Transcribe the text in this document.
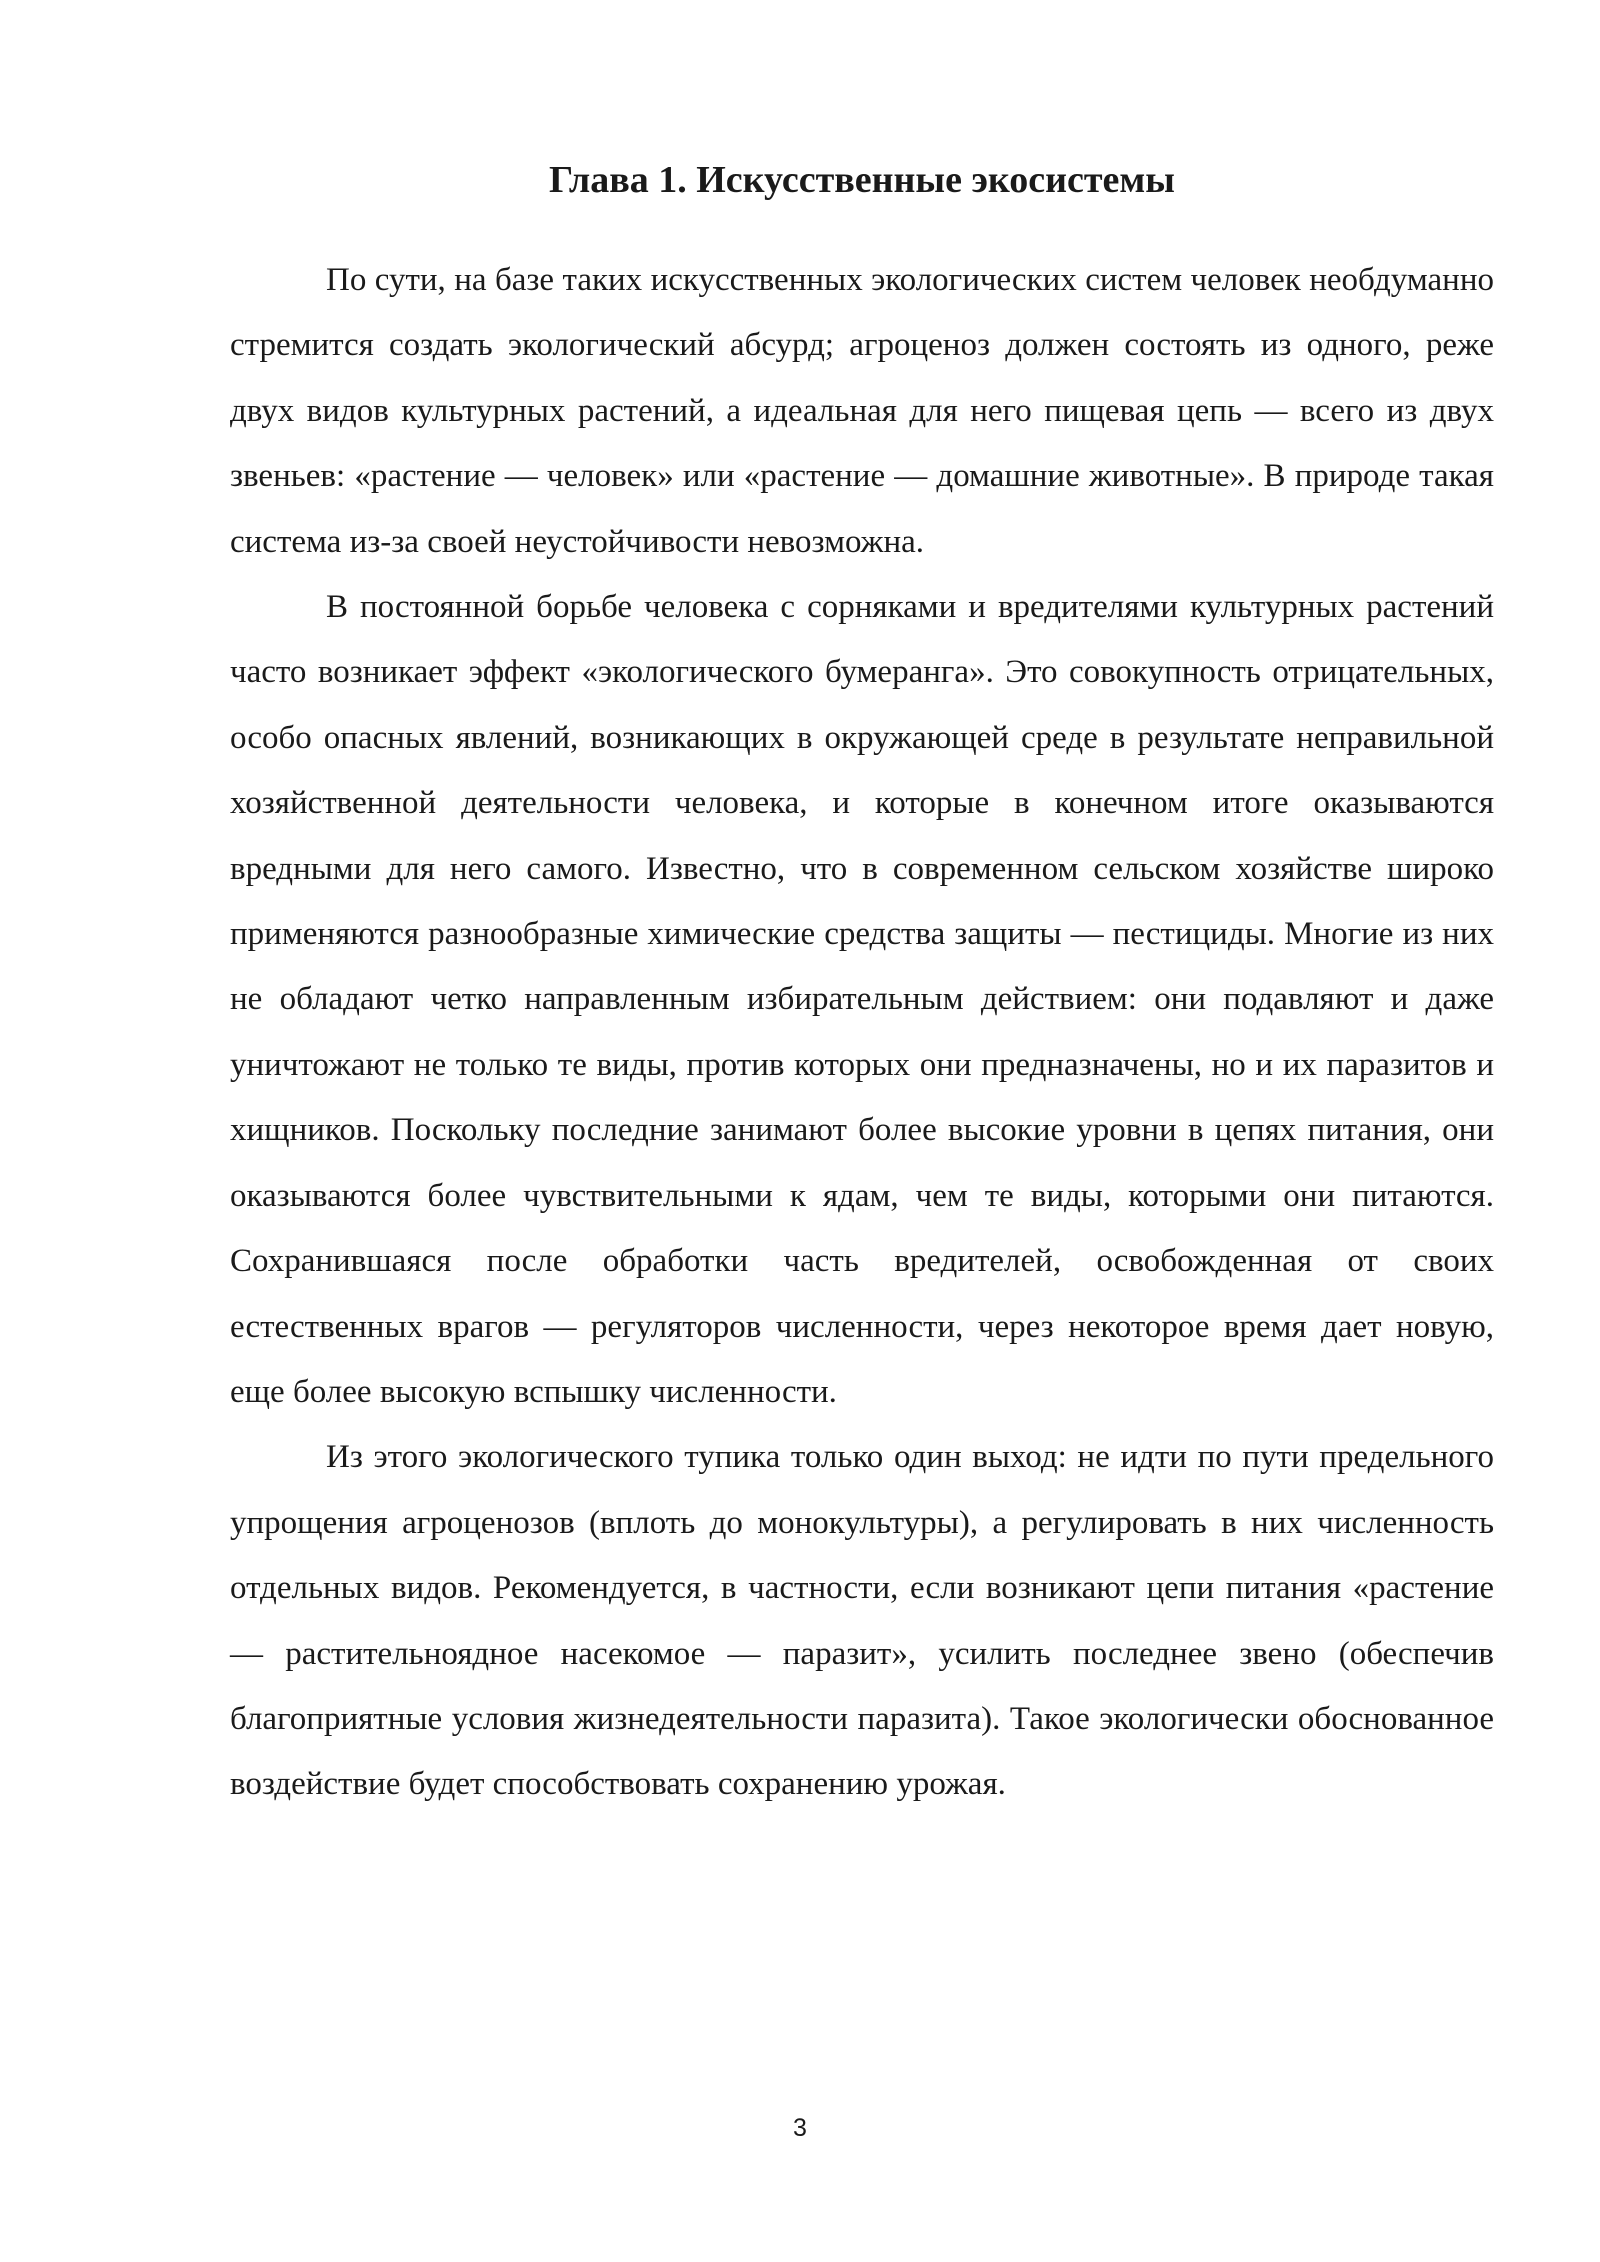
Глава 1. Искусственные экосистемы

По сути, на базе таких искусственных экологических систем человек необдуманно стремится создать экологический абсурд; агроценоз должен состоять из одного, реже двух видов культурных растений, а идеальная для него пищевая цепь — всего из двух звеньев: «растение — человек» или «растение — домашние животные». В природе такая система из-за своей неустойчивости невозможна.

В постоянной борьбе человека с сорняками и вредителями культурных растений часто возникает эффект «экологического бумеранга». Это совокупность отрицательных, особо опасных явлений, возникающих в окружающей среде в результате неправильной хозяйственной деятельности человека, и которые в конечном итоге оказываются вредными для него самого. Известно, что в современном сельском хозяйстве широко применяются разнообразные химические средства защиты — пестициды. Многие из них не обладают четко направленным избирательным действием: они подавляют и даже уничтожают не только те виды, против которых они предназначены, но и их паразитов и хищников. Поскольку последние занимают более высокие уровни в цепях питания, они оказываются более чувствительными к ядам, чем те виды, которыми они питаются. Сохранившаяся после обработки часть вредителей, освобожденная от своих естественных врагов — регуляторов численности, через некоторое время дает новую, еще более высокую вспышку численности.

Из этого экологического тупика только один выход: не идти по пути предельного упрощения агроценозов (вплоть до монокультуры), а регулировать в них численность отдельных видов. Рекомендуется, в частности, если возникают цепи питания «растение — растительноядное насекомое — паразит», усилить последнее звено (обеспечив благоприятные условия жизнедеятельности паразита). Такое экологически обоснованное воздействие будет способствовать сохранению урожая.

3
